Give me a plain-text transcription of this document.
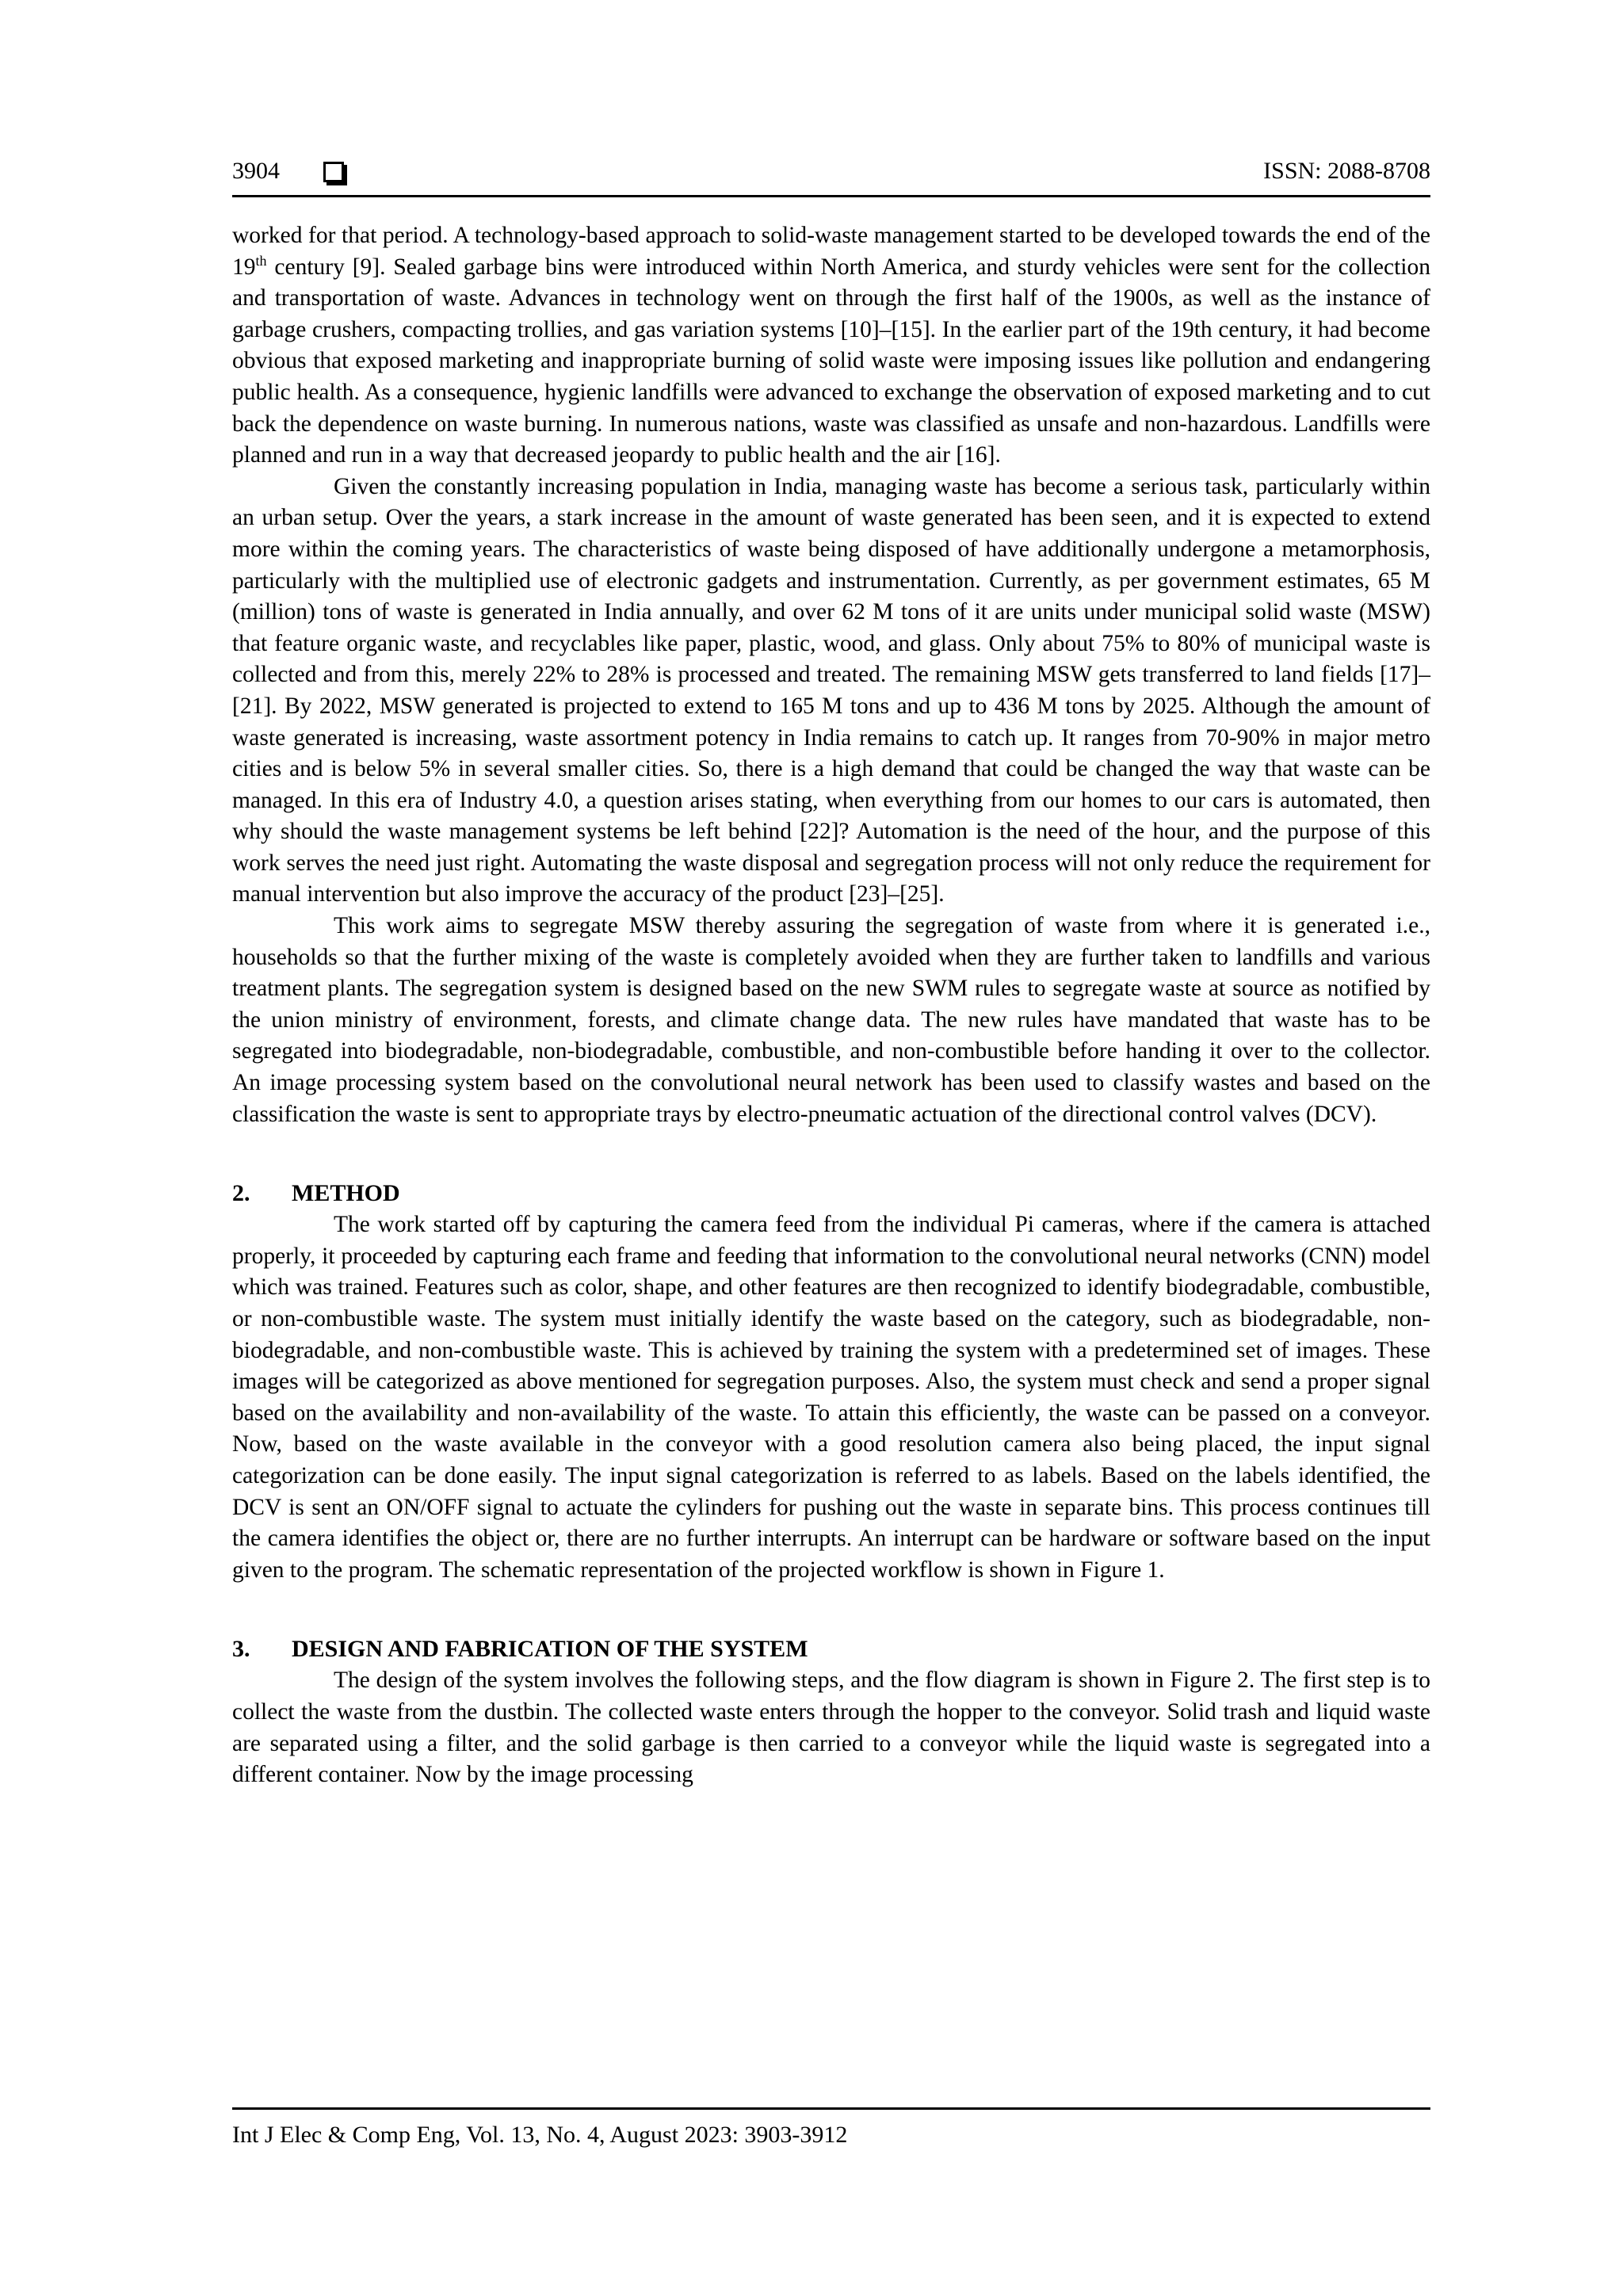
3904	ISSN: 2088-8708

worked for that period. A technology-based approach to solid-waste management started to be developed towards the end of the 19th century [9]. Sealed garbage bins were introduced within North America, and sturdy vehicles were sent for the collection and transportation of waste. Advances in technology went on through the first half of the 1900s, as well as the instance of garbage crushers, compacting trollies, and gas variation systems [10]–[15]. In the earlier part of the 19th century, it had become obvious that exposed marketing and inappropriate burning of solid waste were imposing issues like pollution and endangering public health. As a consequence, hygienic landfills were advanced to exchange the observation of exposed marketing and to cut back the dependence on waste burning. In numerous nations, waste was classified as unsafe and non-hazardous. Landfills were planned and run in a way that decreased jeopardy to public health and the air [16].

Given the constantly increasing population in India, managing waste has become a serious task, particularly within an urban setup. Over the years, a stark increase in the amount of waste generated has been seen, and it is expected to extend more within the coming years. The characteristics of waste being disposed of have additionally undergone a metamorphosis, particularly with the multiplied use of electronic gadgets and instrumentation. Currently, as per government estimates, 65 M (million) tons of waste is generated in India annually, and over 62 M tons of it are units under municipal solid waste (MSW) that feature organic waste, and recyclables like paper, plastic, wood, and glass. Only about 75% to 80% of municipal waste is collected and from this, merely 22% to 28% is processed and treated. The remaining MSW gets transferred to land fields [17]–[21]. By 2022, MSW generated is projected to extend to 165 M tons and up to 436 M tons by 2025. Although the amount of waste generated is increasing, waste assortment potency in India remains to catch up. It ranges from 70-90% in major metro cities and is below 5% in several smaller cities. So, there is a high demand that could be changed the way that waste can be managed. In this era of Industry 4.0, a question arises stating, when everything from our homes to our cars is automated, then why should the waste management systems be left behind [22]? Automation is the need of the hour, and the purpose of this work serves the need just right. Automating the waste disposal and segregation process will not only reduce the requirement for manual intervention but also improve the accuracy of the product [23]–[25].

This work aims to segregate MSW thereby assuring the segregation of waste from where it is generated i.e., households so that the further mixing of the waste is completely avoided when they are further taken to landfills and various treatment plants. The segregation system is designed based on the new SWM rules to segregate waste at source as notified by the union ministry of environment, forests, and climate change data. The new rules have mandated that waste has to be segregated into biodegradable, non-biodegradable, combustible, and non-combustible before handing it over to the collector. An image processing system based on the convolutional neural network has been used to classify wastes and based on the classification the waste is sent to appropriate trays by electro-pneumatic actuation of the directional control valves (DCV).

2. METHOD

The work started off by capturing the camera feed from the individual Pi cameras, where if the camera is attached properly, it proceeded by capturing each frame and feeding that information to the convolutional neural networks (CNN) model which was trained. Features such as color, shape, and other features are then recognized to identify biodegradable, combustible, or non-combustible waste. The system must initially identify the waste based on the category, such as biodegradable, non-biodegradable, and non-combustible waste. This is achieved by training the system with a predetermined set of images. These images will be categorized as above mentioned for segregation purposes. Also, the system must check and send a proper signal based on the availability and non-availability of the waste. To attain this efficiently, the waste can be passed on a conveyor. Now, based on the waste available in the conveyor with a good resolution camera also being placed, the input signal categorization can be done easily. The input signal categorization is referred to as labels. Based on the labels identified, the DCV is sent an ON/OFF signal to actuate the cylinders for pushing out the waste in separate bins. This process continues till the camera identifies the object or, there are no further interrupts. An interrupt can be hardware or software based on the input given to the program. The schematic representation of the projected workflow is shown in Figure 1.

3. DESIGN AND FABRICATION OF THE SYSTEM

The design of the system involves the following steps, and the flow diagram is shown in Figure 2. The first step is to collect the waste from the dustbin. The collected waste enters through the hopper to the conveyor. Solid trash and liquid waste are separated using a filter, and the solid garbage is then carried to a conveyor while the liquid waste is segregated into a different container. Now by the image processing

Int J Elec & Comp Eng, Vol. 13, No. 4, August 2023: 3903-3912
